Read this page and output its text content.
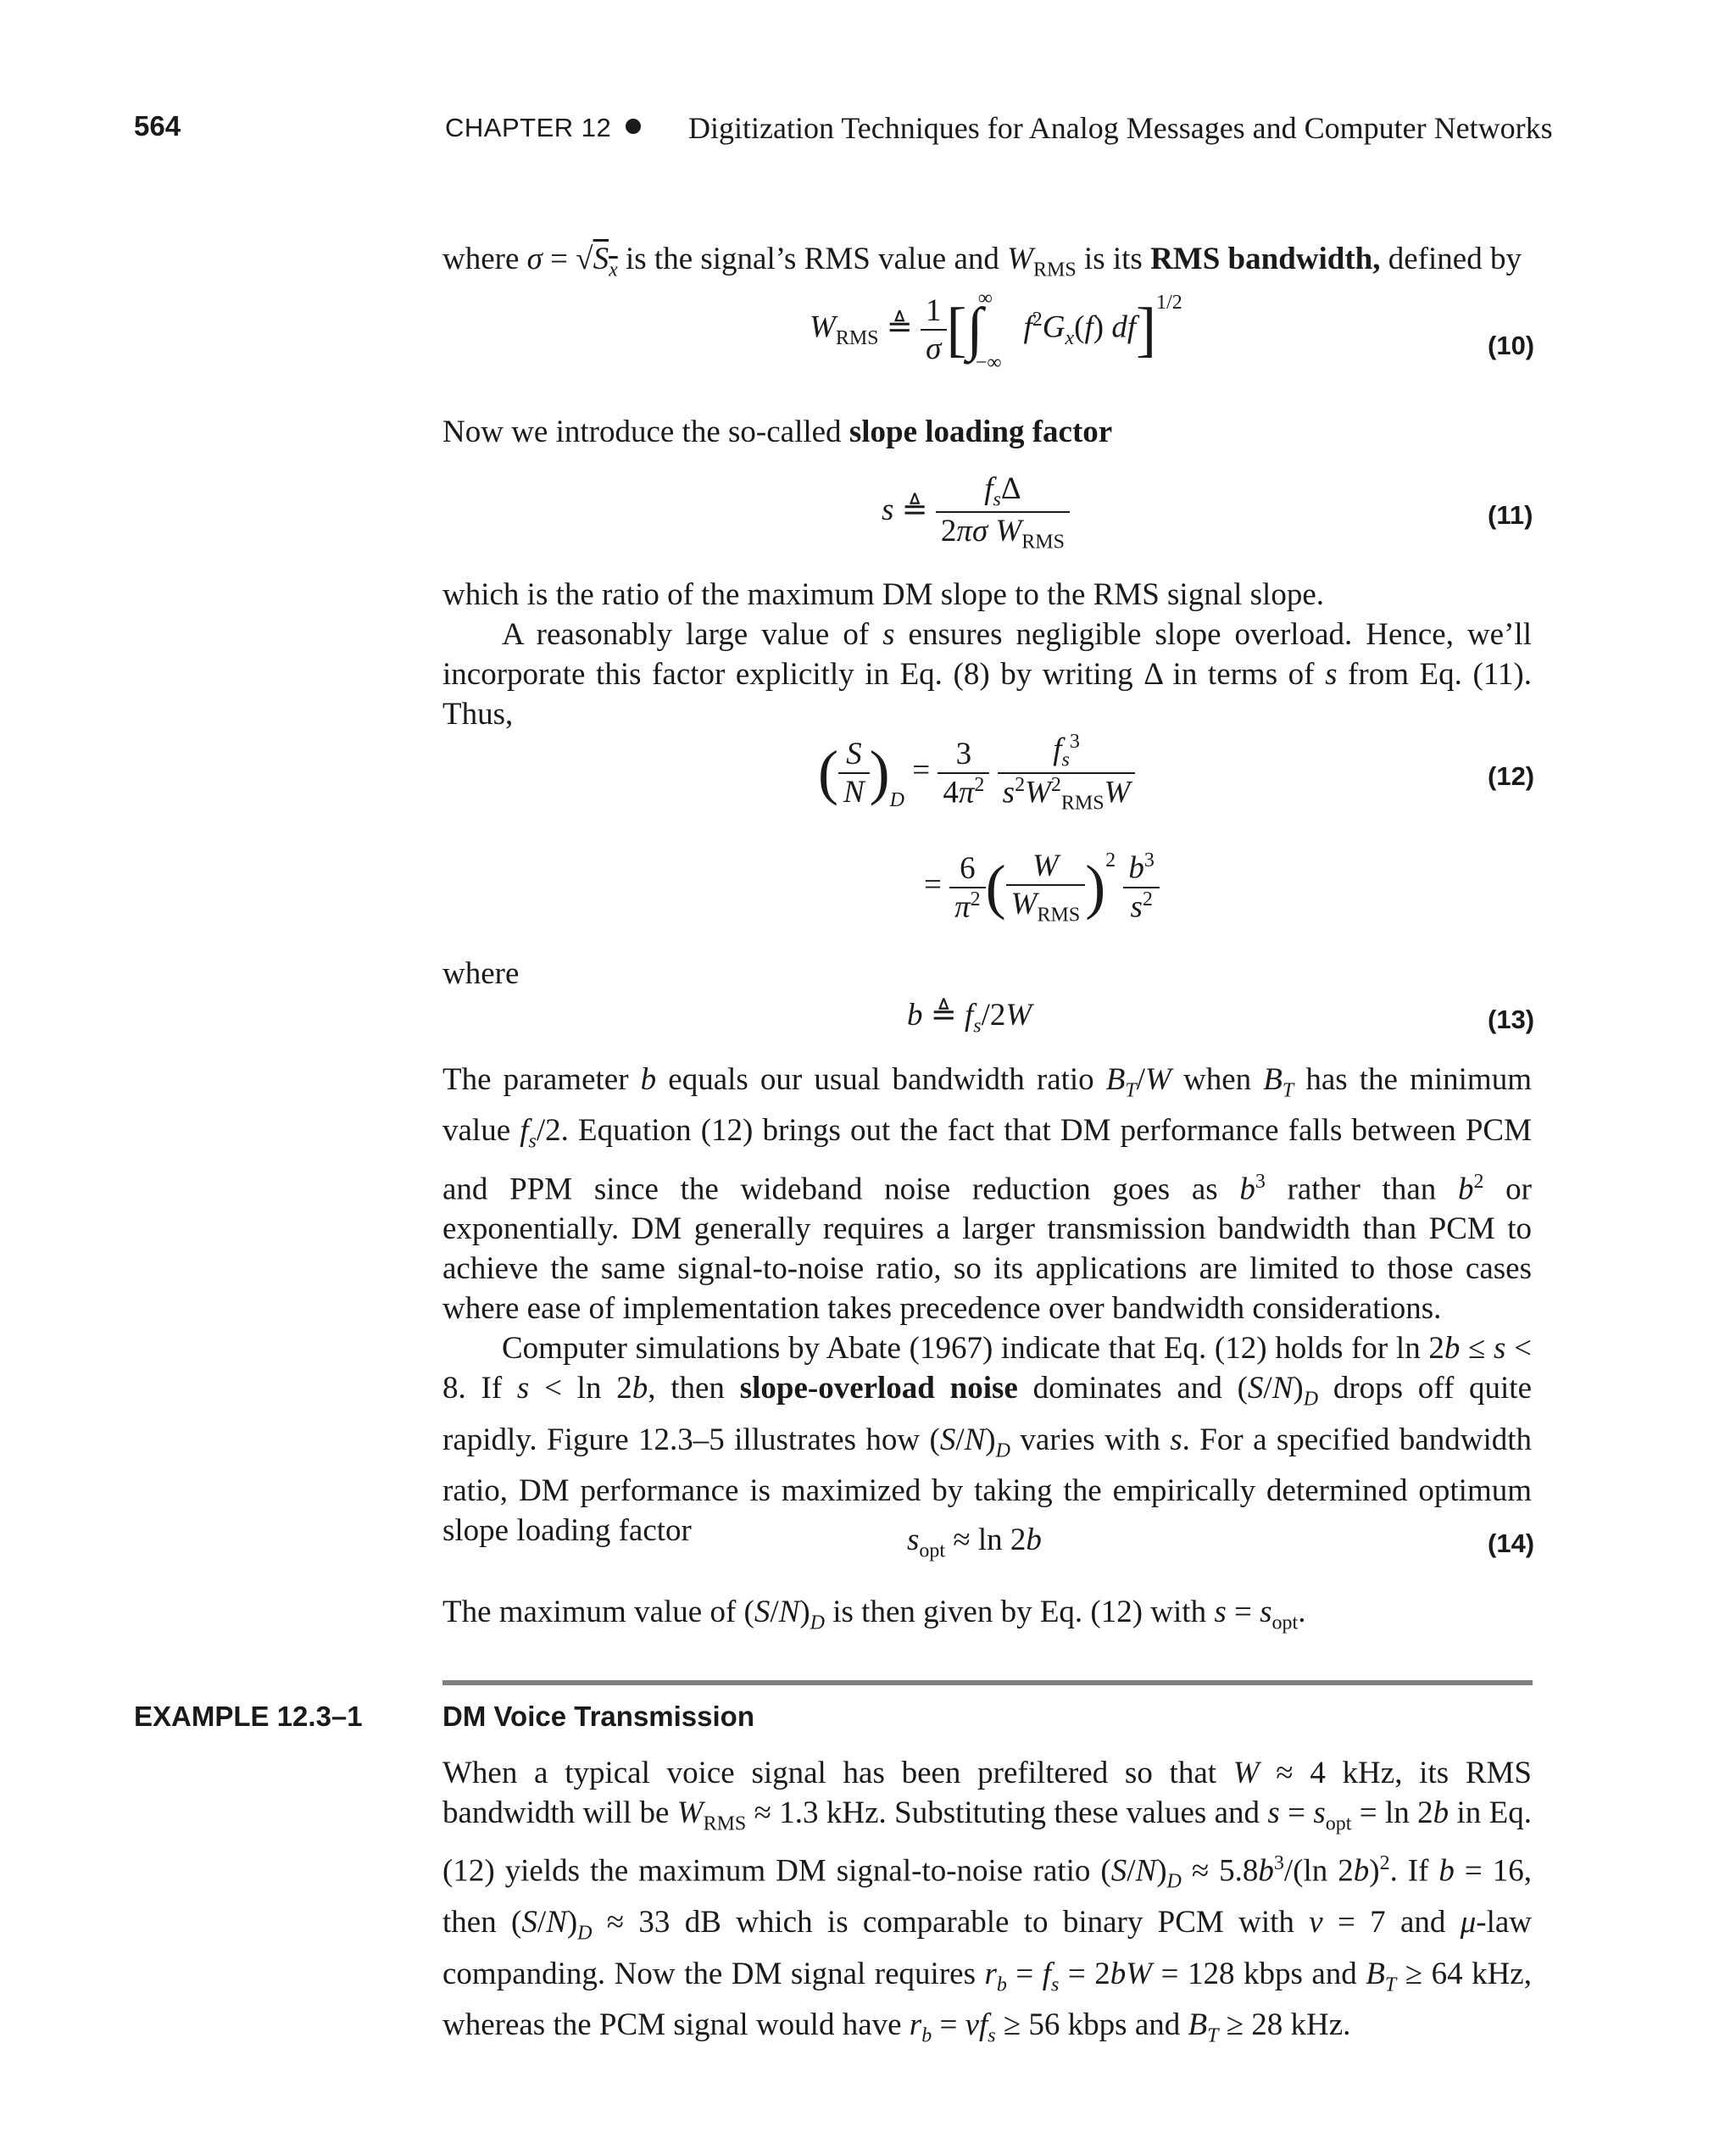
564	CHAPTER 12	Digitization Techniques for Analog Messages and Computer Networks

where $\sigma = √S_x$ is the signal’s RMS value and $W_{RMS}$ is its RMS bandwidth, defined by

$W_{RMS}$ ≜ $\frac{1}{\sigma} [\int^\infty_{-\infty}f^2G_x(f)$ df]$^{1/2}$
(10)

Now we introduce the so-called slope loading factor

s ≜ $\frac{f_s\Delta}{2\pi\sigma W_{RMS}}$	(11)

which is the ratio of the maximum DM slope to the RMS signal slope.

A reasonably large value of s ensures negligible slope overload. Hence, we’ll incorporate this factor explicitly in Eq. (8) by writing Δ in terms of s from Eq. (11). Thus,

( $\frac{S}{N} )_D = \frac{3}{4\pi^2}$
$\frac{f_s^3}{s^2W^2_{RMS}W}$	(12)
= $\frac{6}{\pi^2}$ ( $\frac{W}{W_{RMS}} )^2 \frac{b^3}{s^2}$
where
b ≜ $f_s/2W$	(13)

The parameter b equals our usual bandwidth ratio $B_T/W$ when $B_T$ has the minimum value $f_s/2$. Equation (12) brings out the fact that DM performance falls between PCM and PPM since the wideband noise reduction goes as $b^3$ rather than $b^2$ or exponentially. DM generally requires a larger transmission bandwidth than PCM to achieve the same signal-to-noise ratio, so its applications are limited to those cases where ease of implementation takes precedence over bandwidth considerations.

Computer simulations by Abate (1967) indicate that Eq. (12) holds for ln 2b ≤ s < 8. If s < ln 2b, then slope-overload noise dominates and $(S/N)_D$ drops off quite rapidly. Figure 12.3–5 illustrates how $(S/N)_D$ varies with s. For a specified bandwidth ratio, DM performance is maximized by taking the empirically determined optimum slope loading factor	$s_{opt} \approx \ln 2b$	(14)

The maximum value of $(S/N)_D$ is then given by Eq. (12) with $s = s_{opt}$.

EXAMPLE 12.3–1	DM Voice Transmission

When a typical voice signal has been prefiltered so that W ≈ 4 kHz, its RMS bandwidth will be $W_{RMS} \approx 1.3$ kHz. Substituting these values and $s = s_{opt} = \ln 2b$ in Eq. (12) yields the maximum DM signal-to-noise ratio $(S/N)_D \approx 5.8b^3/(\ln$ 2b)$^2$. If b = 16, then $(S/N)_D \approx 33$ dB which is comparable to binary PCM with ν = 7 and μ-law companding. Now the DM signal requires $r_b = f_s = 2bW = 128$ kbps and $B_T \ge 64$ kHz, whereas the PCM signal would have $r_b = \nu f_s \ge 56$ kbps and $B_T \ge 28$ kHz.
